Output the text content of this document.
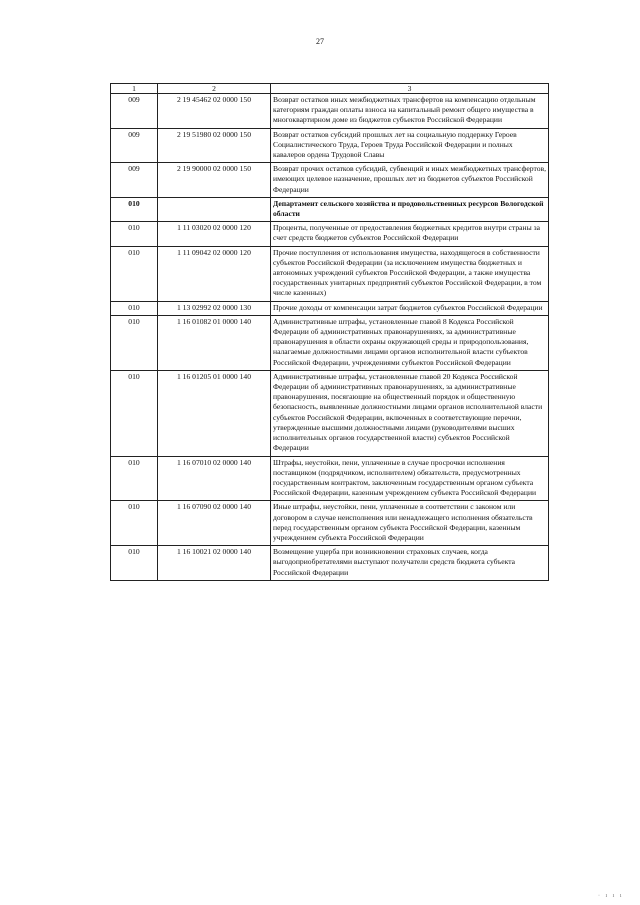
27
1	2	3
009	2 19 45462 02 0000 150	Возврат остатков иных межбюджетных трансфертов на компенсацию отдельным категориям граждан оплаты взноса на капитальный ремонт общего имущества в многоквартирном доме из бюджетов субъектов Российской Федерации
009	2 19 51980 02 0000 150	Возврат остатков субсидий прошлых лет на социальную поддержку Героев Социалистического Труда, Героев Труда Российской Федерации и полных кавалеров ордена Трудовой Славы
009	2 19 90000 02 0000 150	Возврат прочих остатков субсидий, субвенций и иных межбюджетных трансфертов, имеющих целевое назначение, прошлых лет из бюджетов субъектов Российской Федерации
010		Департамент сельского хозяйства и продовольственных ресурсов Вологодской области
010	1 11 03020 02 0000 120	Проценты, полученные от предоставления бюджетных кредитов внутри страны за счет средств бюджетов субъектов Российской Федерации
010	1 11 09042 02 0000 120	Прочие поступления от использования имущества, находящегося в собственности субъектов Российской Федерации (за исключением имущества бюджетных и автономных учреждений субъектов Российской Федерации, а также имущества государственных унитарных предприятий субъектов Российской Федерации, в том числе казенных)
010	1 13 02992 02 0000 130	Прочие доходы от компенсации затрат бюджетов субъектов Российской Федерации
010	1 16 01082 01 0000 140	Административные штрафы, установленные главой 8 Кодекса Российской Федерации об административных правонарушениях, за административные правонарушения в области охраны окружающей среды и природопользования, налагаемые должностными лицами органов исполнительной власти субъектов Российской Федерации, учреждениями субъектов Российской Федерации
010	1 16 01205 01 0000 140	Административные штрафы, установленные главой 20 Кодекса Российской Федерации об административных правонарушениях, за административные правонарушения, посягающие на общественный порядок и общественную безопасность, выявленные должностными лицами органов исполнительной власти субъектов Российской Федерации, включенных в соответствующие перечни, утвержденные высшими должностными лицами (руководителями высших исполнительных органов государственной власти) субъектов Российской Федерации
010	1 16 07010 02 0000 140	Штрафы, неустойки, пени, уплаченные в случае просрочки исполнения поставщиком (подрядчиком, исполнителем) обязательств, предусмотренных государственным контрактом, заключенным государственным органом субъекта Российской Федерации, казенным учреждением субъекта Российской Федерации
010	1 16 07090 02 0000 140	Иные штрафы, неустойки, пени, уплаченные в соответствии с законом или договором в случае неисполнения или ненадлежащего исполнения обязательств перед государственным органом субъекта Российской Федерации, казенным учреждением субъекта Российской Федерации
010	1 16 10021 02 0000 140	Возмещение ущерба при возникновении страховых случаев, когда выгодоприобретателями выступают получатели средств бюджета субъекта Российской Федерации
· ı ı ı
